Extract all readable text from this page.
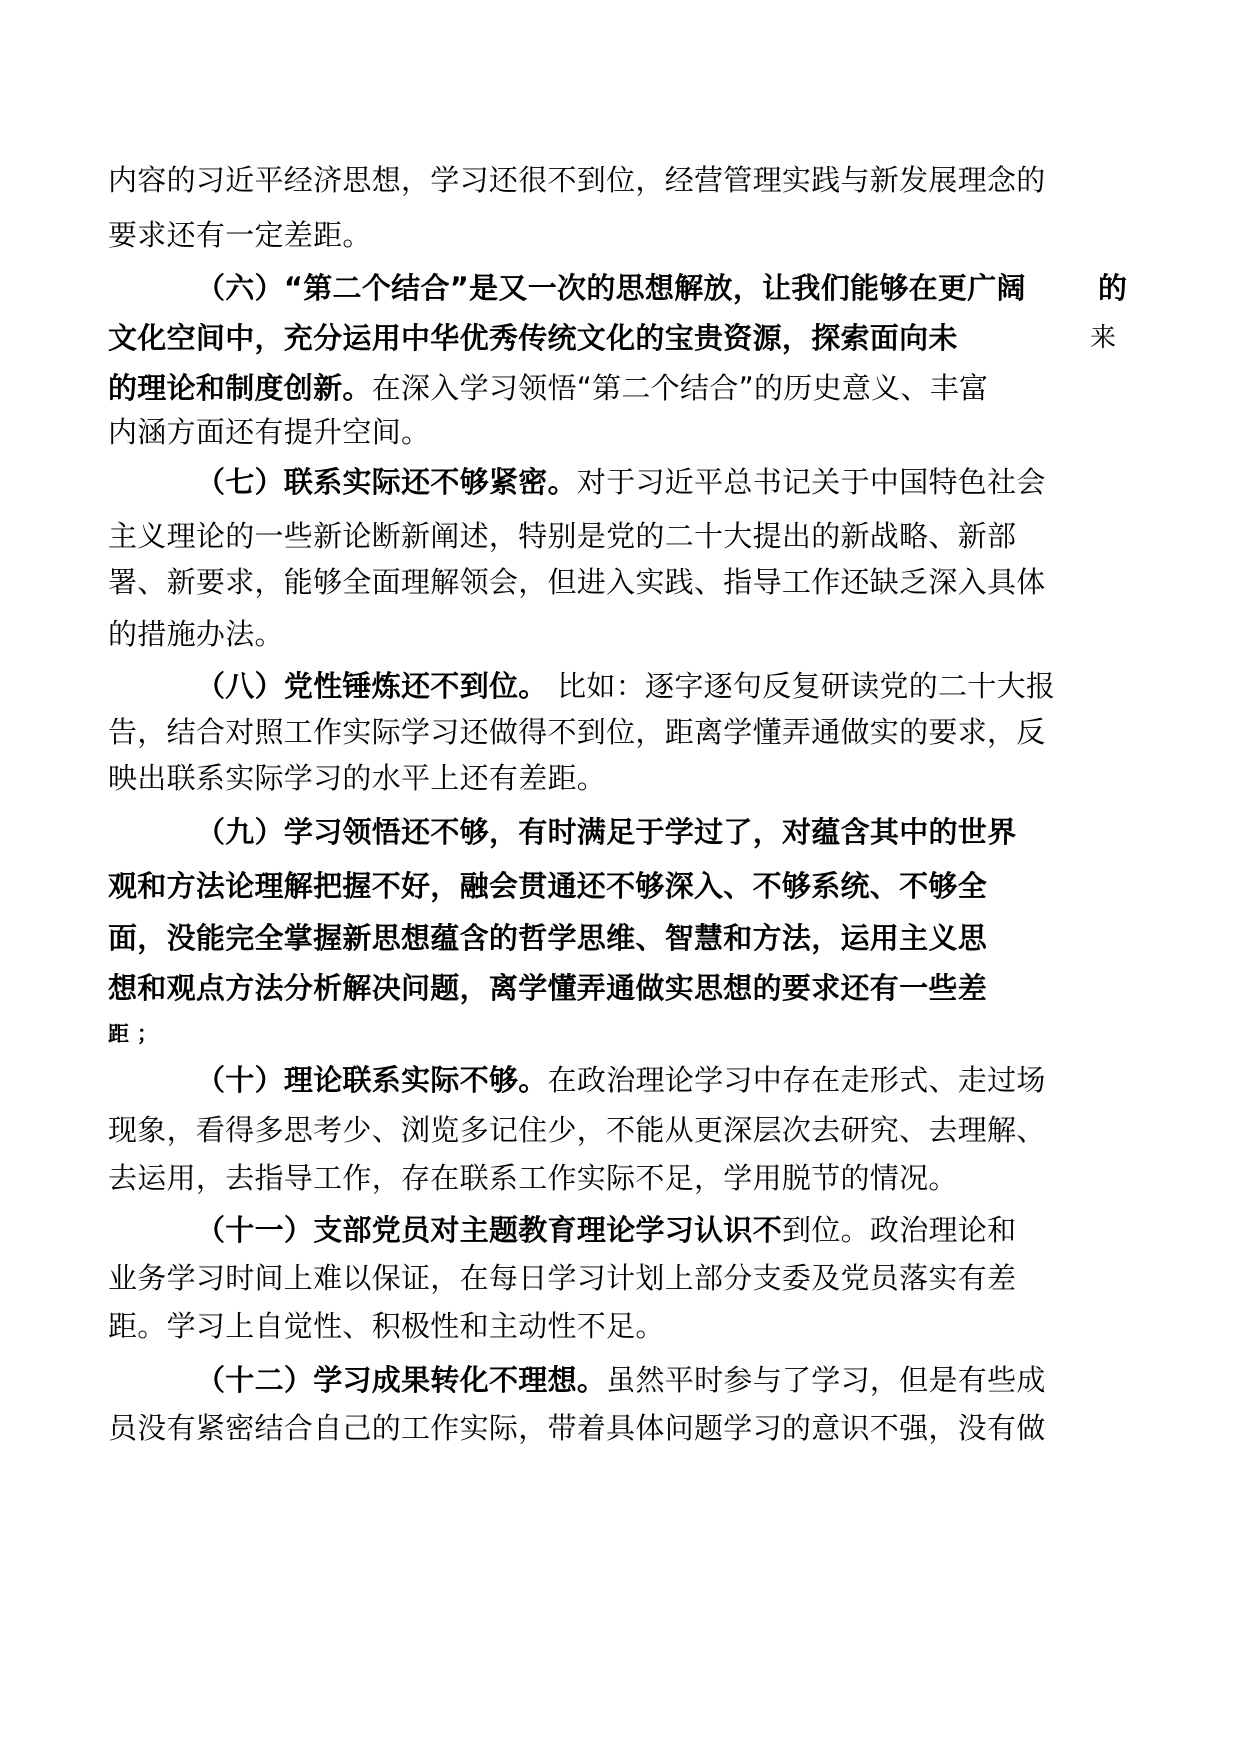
内容的习近平经济思想，学习还很不到位，经营管理实践与新发展理念的
要求还有一定差距。
（六）“第二个结合”是又一次的思想解放，让我们能够在更广阔 的
文化空间中，充分运用中华优秀传统文化的宝贵资源，探索面向未	来
的理论和制度创新。在深入学习领悟“第二个结合”的历史意义、丰富
内涵方面还有提升空间。
（七）联系实际还不够紧密。对于习近平总书记关于中国特色社会
主义理论的一些新论断新阐述，特别是党的二十大提出的新战略、新部
署、新要求，能够全面理解领会，但进入实践、指导工作还缺乏深入具体
的措施办法。
（八）党性锤炼还不到位。 比如：逐字逐句反复研读党的二十大报
告，结合对照工作实际学习还做得不到位，距离学懂弄通做实的要求，反
映出联系实际学习的水平上还有差距。
（九）学习领悟还不够，有时满足于学过了，对蕴含其中的世界
观和方法论理解把握不好，融会贯通还不够深入、不够系统、不够全
面，没能完全掌握新思想蕴含的哲学思维、智慧和方法，运用主义思
想和观点方法分析解决问题，离学懂弄通做实思想的要求还有一些差
距 ；
（十）理论联系实际不够。在政治理论学习中存在走形式、走过场
现象，看得多思考少、浏览多记住少，不能从更深层次去研究、去理解、
去运用，去指导工作，存在联系工作实际不足，学用脱节的情况。
（十一）支部党员对主题教育理论学习认识不到位。政治理论和
业务学习时间上难以保证，在每日学习计划上部分支委及党员落实有差
距。学习上自觉性、积极性和主动性不足。
（十二）学习成果转化不理想。虽然平时参与了学习，但是有些成
员没有紧密结合自己的工作实际，带着具体问题学习的意识不强，没有做
